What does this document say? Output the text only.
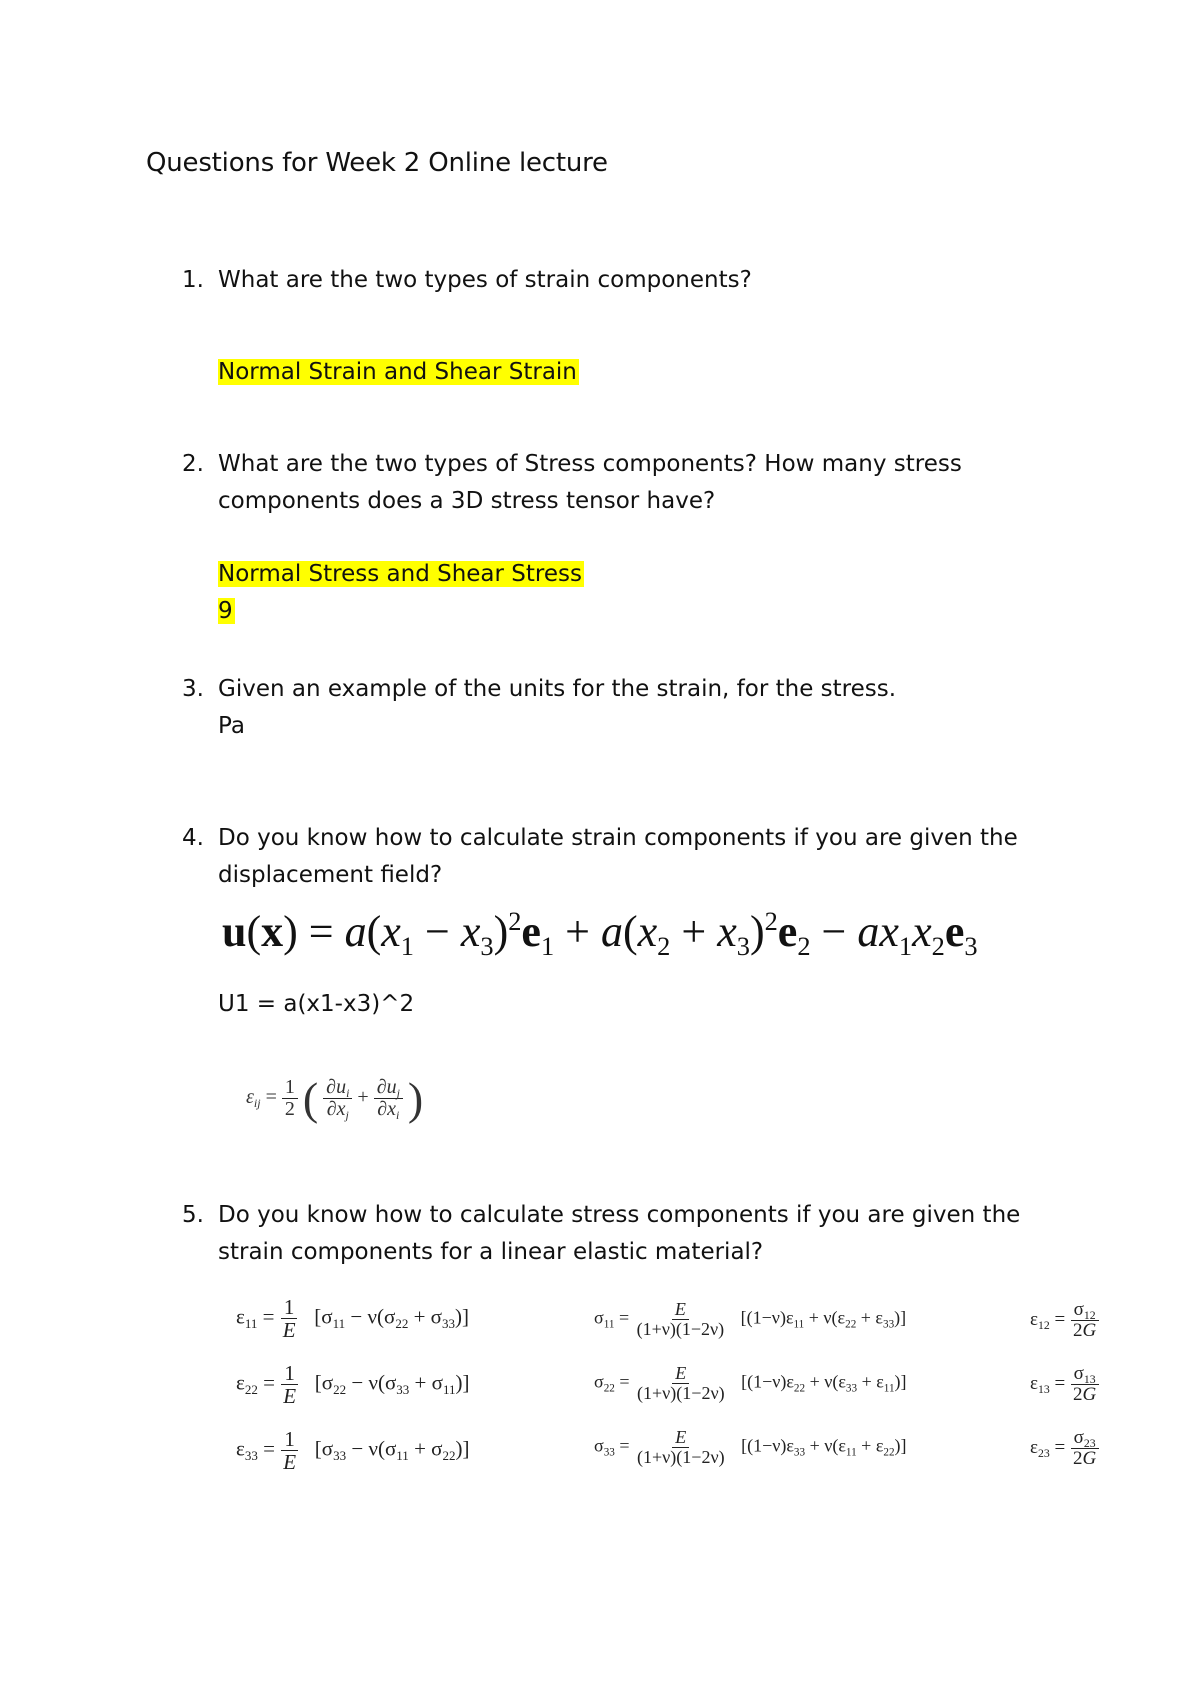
Questions for Week 2 Online lecture
1. What are the two types of strain components?
Normal Strain and Shear Strain
2. What are the two types of Stress components? How many stress
components does a 3D stress tensor have?
Normal Stress and Shear Stress
9
3. Given an example of the units for the strain, for the stress.
Pa
4. Do you know how to calculate strain components if you are given the
displacement field?
$u(x) = a(x_1 - x_3)^2e_1 + a(x_2 + x_3)^2e_2 - ax_1x_2e_3$
U1 = a(x1-x3)^2
$\varepsilon_{ij} = \frac{1}{2}$ ( $\frac{\partial u_i}{\partial x_j} + \frac{\partial u_j}{\partial x_i}$ )
5. Do you know how to calculate stress components if you are given the
strain components for a linear elastic material?
$\varepsilon_{11} = \frac{1}{E} [\sigma_{11} - \nu(\sigma_{22} + \sigma_{33})]$
$\varepsilon_{22} = \frac{1}{E} [\sigma_{22} - \nu(\sigma_{33} + \sigma_{11})]$
$\varepsilon_{33} = \frac{1}{E} [\sigma_{33} - \nu(\sigma_{11} + \sigma_{22})]$
$\sigma_{11} = \frac{E}{(1+\nu)(1-2\nu)} [(1-\nu)\varepsilon_{11} + \nu(\varepsilon_{22} + \varepsilon_{33})]$
$\sigma_{22} = \frac{E}{(1+\nu)(1-2\nu)} [(1-\nu)\varepsilon_{22} + \nu(\varepsilon_{33} + \varepsilon_{11})]$
$\sigma_{33} = \frac{E}{(1+\nu)(1-2\nu)} [(1-\nu)\varepsilon_{33} + \nu(\varepsilon_{11} + \varepsilon_{22})]$
$\varepsilon_{12} = \frac{\sigma_{12}}{2G}$
$\varepsilon_{13} = \frac{\sigma_{13}}{2G}$
$\varepsilon_{23} = \frac{\sigma_{23}}{2G}$
